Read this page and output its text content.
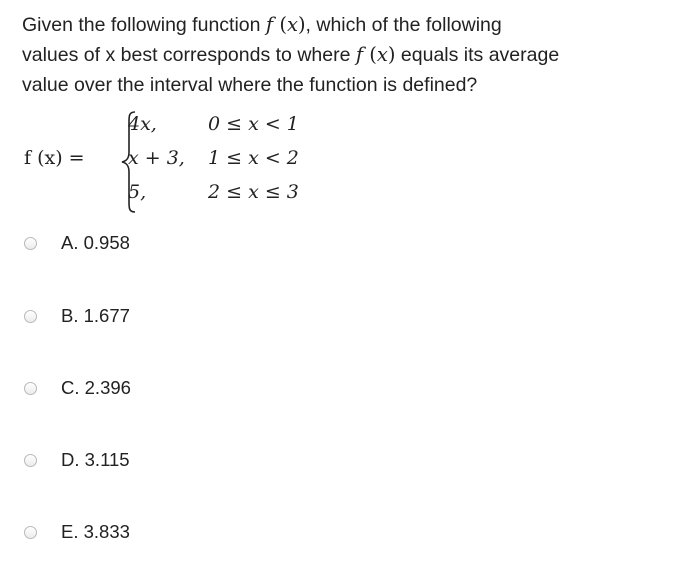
Given the following function f (x), which of the following
values of x best corresponds to where f (x) equals its average
value over the interval where the function is defined?
f (x) =
4x,	0 ≤ x < 1
x + 3, 1 ≤ x < 2
5,	2 ≤ x ≤ 3
A. 0.958
B. 1.677
C. 2.396
D. 3.115
E. 3.833
